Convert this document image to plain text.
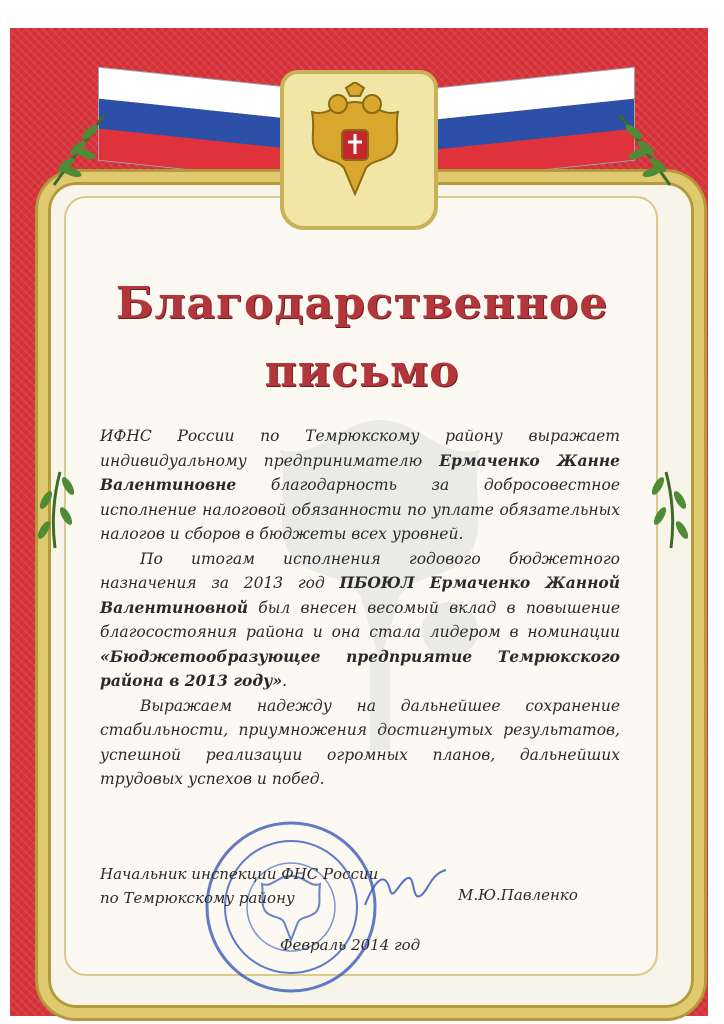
Благодарственное
письмо

ИФНС России по Темрюкскому району выражает индивидуальному предпринимателю Ермаченко Жанне Валентиновне благодарность за добросовестное исполнение налоговой обязанности по уплате обязательных налогов и сборов в бюджеты всех уровней.

По итогам исполнения годового бюджетного назначения за 2013 год ПБОЮЛ Ермаченко Жанной Валентиновной был внесен весомый вклад в повышение благосостояния района и она стала лидером в номинации «Бюджетообразующее предприятие Темрюкского района в 2013 году».

Выражаем надежду на дальнейшее сохранение стабильности, приумножения достигнутых результатов, успешной реализации огромных планов, дальнейших трудовых успехов и побед.

Начальник инспекции ФНС России
по Темрюкскому району	М.Ю.Павленко
Февраль 2014 год
